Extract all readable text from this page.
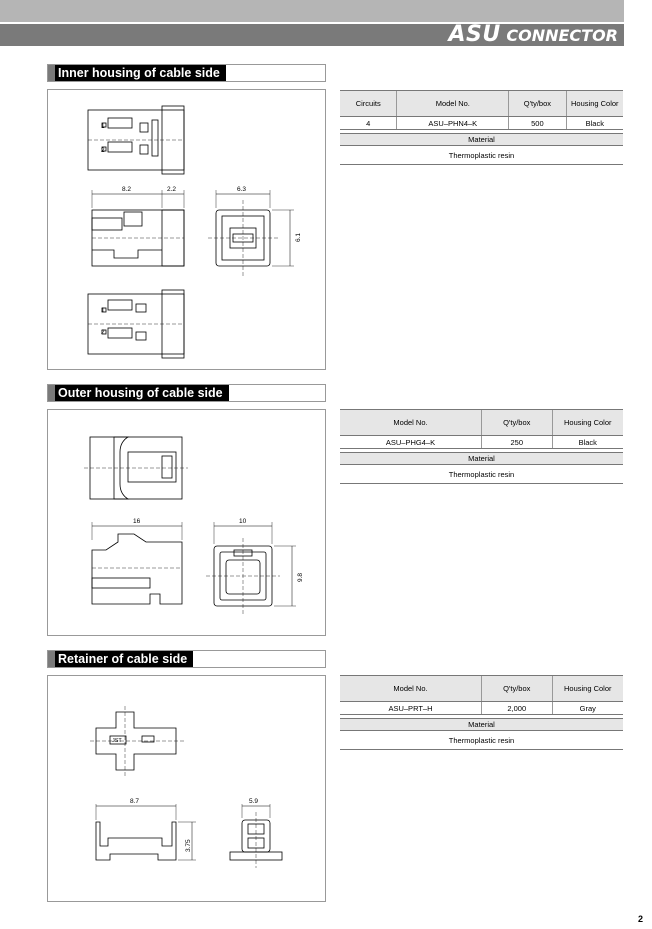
ASU CONNECTOR
Inner housing of cable side
1
2
1
2
8.2	2.2	6.3
6.1
Circuits	Model No.	Q'ty/box	Housing Color
4	ASU–PHN4–K	500	Black
Material
Thermoplastic resin
Outer housing of cable side
16	10
9.8
Model No.	Q'ty/box	Housing Color
ASU–PHG4–K	250	Black
Material
Thermoplastic resin
Retainer of cable side
JST
8.7	5.9
3.75
Model No.	Q'ty/box	Housing Color
ASU–PRT–H	2,000	Gray
Material
Thermoplastic resin
2
